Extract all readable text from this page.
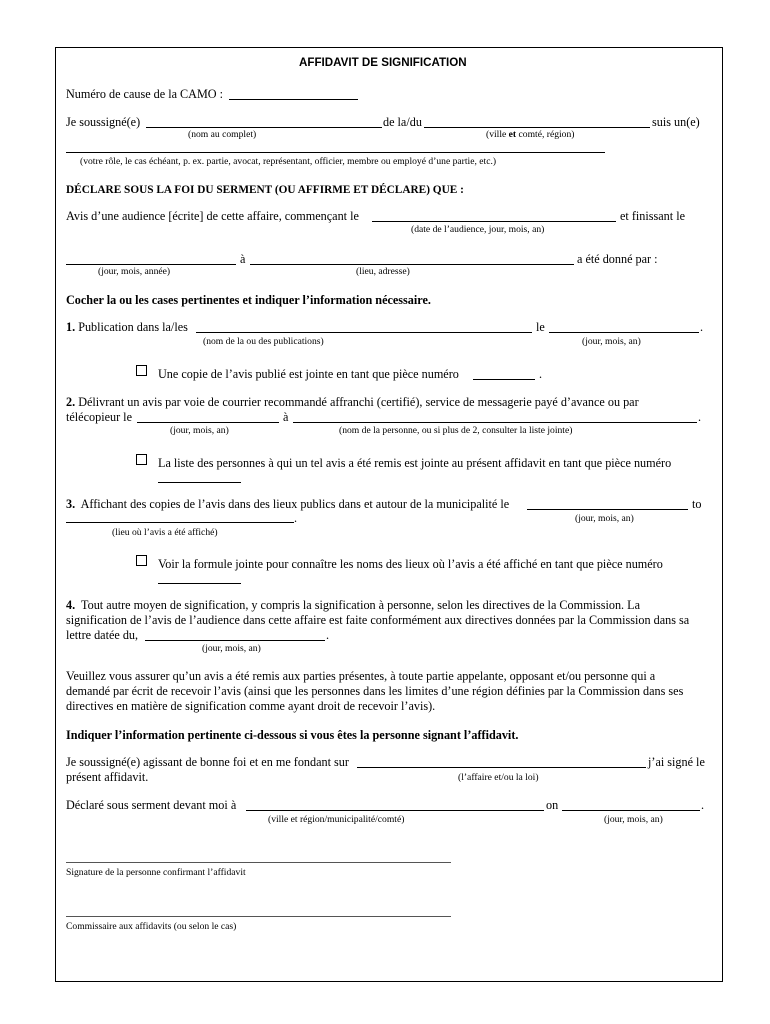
AFFIDAVIT DE SIGNIFICATION
Numéro de cause de la CAMO :
Je soussigné(e)	de la/du	suis un(e)
(nom au complet)	(ville et comté, région)
(votre rôle, le cas échéant, p. ex. partie, avocat, représentant, officier, membre ou employé d’une partie, etc.)
DÉCLARE SOUS LA FOI DU SERMENT (OU AFFIRME ET DÉCLARE) QUE :
Avis d’une audience [écrite] de cette affaire, commençant le	et finissant le
(date de l’audience, jour, mois, an)
à	a été donné par :
(jour, mois, année)	(lieu, adresse)
Cocher la ou les cases pertinentes et indiquer l’information nécessaire.
1. Publication dans la/les	le	.
(nom de la ou des publications)	(jour, mois, an)
Une copie de l’avis publié est jointe en tant que pièce numéro	.
2. Délivrant un avis par voie de courrier recommandé affranchi (certifié), service de messagerie payé d’avance ou par
télécopieur le	à	.
(jour, mois, an)	(nom de la personne, ou si plus de 2, consulter la liste jointe)
La liste des personnes à qui un tel avis a été remis est jointe au présent affidavit en tant que pièce numéro
3. Affichant des copies de l’avis dans des lieux publics dans et autour de la municipalité le	to
(jour, mois, an)
.
(lieu où l’avis a été affiché)
Voir la formule jointe pour connaître les noms des lieux où l’avis a été affiché en tant que pièce numéro
4. Tout autre moyen de signification, y compris la signification à personne, selon les directives de la Commission. La
signification de l’avis de l’audience dans cette affaire est faite conformément aux directives données par la Commission dans sa
lettre datée du,	.
(jour, mois, an)
Veuillez vous assurer qu’un avis a été remis aux parties présentes, à toute partie appelante, opposant et/ou personne qui a
demandé par écrit de recevoir l’avis (ainsi que les personnes dans les limites d’une région définies par la Commission dans ses
directives en matière de signification comme ayant droit de recevoir l’avis).
Indiquer l’information pertinente ci-dessous si vous êtes la personne signant l’affidavit.
Je soussigné(e) agissant de bonne foi et en me fondant sur	j’ai signé le
présent affidavit.	(l’affaire et/ou la loi)
Déclaré sous serment devant moi à	on	.
(ville et région/municipalité/comté)	(jour, mois, an)
Signature de la personne confirmant l’affidavit
Commissaire aux affidavits (ou selon le cas)
